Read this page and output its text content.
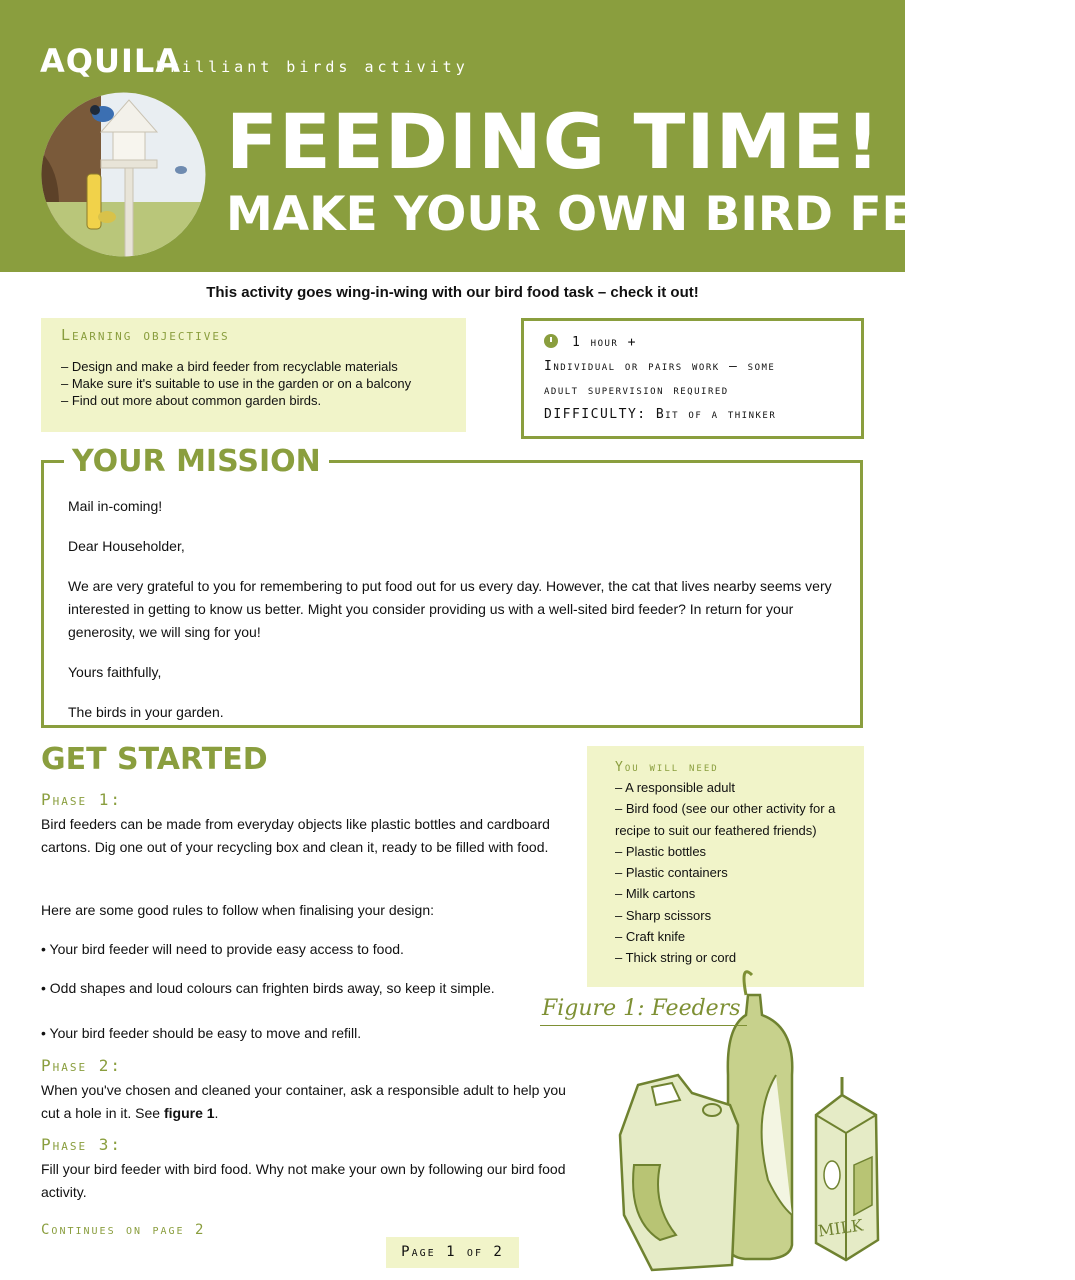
AQUILA
brilliant birds activity
FEEDING TIME!
MAKE YOUR OWN BIRD FEEDER!
This activity goes wing-in-wing with our bird food task – check it out!
Learning objectives
– Design and make a bird feeder from recyclable materials
– Make sure it's suitable to use in the garden or on a balcony
– Find out more about common garden birds.
1 hour +
Individual or pairs work – some
adult supervision required
DIFFICULTY: Bit of a thinker
YOUR MISSION

Mail in-coming!

Dear Householder,

We are very grateful to you for remembering to put food out for us every day. However, the cat that lives nearby seems very interested in getting to know us better. Might you consider providing us with a well-sited bird feeder? In return for your generosity, we will sing for you!

Yours faithfully,

The birds in your garden.

GET STARTED
Phase 1:
Bird feeders can be made from everyday objects like plastic bottles and cardboard cartons. Dig one out of your recycling box and clean it, ready to be filled with food.
Here are some good rules to follow when finalising your design:
• Your bird feeder will need to provide easy access to food.
• Odd shapes and loud colours can frighten birds away, so keep it simple.
• Your bird feeder should be easy to move and refill.
Phase 2:
When you've chosen and cleaned your container, ask a responsible adult to help you cut a hole in it. See figure 1.
Phase 3:
Fill your bird feeder with bird food. Why not make your own by following our bird food activity.
Continues on page 2
You will need
– A responsible adult
– Bird food (see our other activity for a
recipe to suit our feathered friends)
– Plastic bottles
– Plastic containers
– Milk cartons
– Sharp scissors
– Craft knife
– Thick string or cord
MILK
Figure 1: Feeders
Page 1 of 2
